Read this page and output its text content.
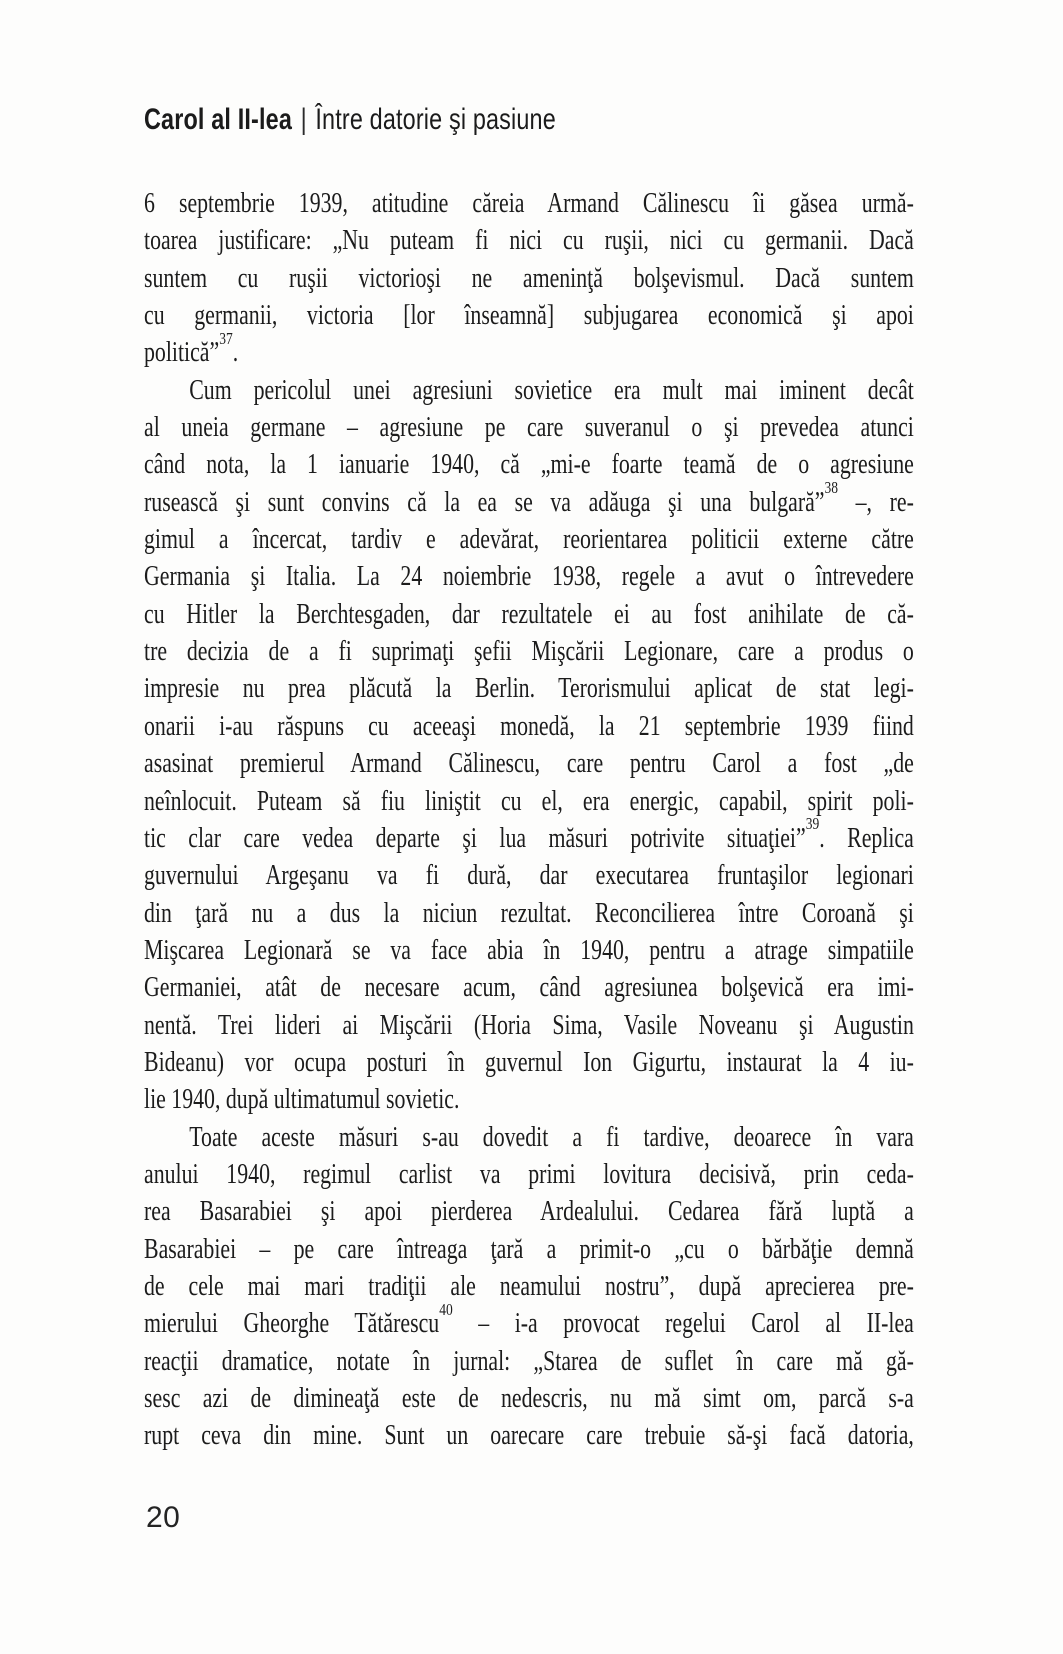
Carol al II-lea | Între datorie şi pasiune
6 septembrie 1939, atitudine căreia Armand Călinescu îi găsea urmă-
toarea justificare: „Nu puteam fi nici cu ruşii, nici cu germanii. Dacă
suntem cu ruşii victorioşi ne ameninţă bolşevismul. Dacă suntem
cu germanii, victoria [lor înseamnă] subjugarea economică şi apoi
politică”$^{37}$.
Cum pericolul unei agresiuni sovietice era mult mai iminent decât
al uneia germane – agresiune pe care suveranul o şi prevedea atunci
când nota, la 1 ianuarie 1940, că „mi-e foarte teamă de o agresiune
rusească şi sunt convins că la ea se va adăuga şi una bulgară”$^{38}$ –, re-
gimul a încercat, tardiv e adevărat, reorientarea politicii externe către
Germania şi Italia. La 24 noiembrie 1938, regele a avut o întrevedere
cu Hitler la Berchtesgaden, dar rezultatele ei au fost anihilate de că-
tre decizia de a fi suprimaţi şefii Mişcării Legionare, care a produs o
impresie nu prea plăcută la Berlin. Terorismului aplicat de stat legi-
onarii i-au răspuns cu aceeaşi monedă, la 21 septembrie 1939 fiind
asasinat premierul Armand Călinescu, care pentru Carol a fost „de
neînlocuit. Puteam să fiu liniştit cu el, era energic, capabil, spirit poli-
tic clar care vedea departe şi lua măsuri potrivite situaţiei”$^{39}$. Replica
guvernului Argeşanu va fi dură, dar executarea fruntaşilor legionari
din ţară nu a dus la niciun rezultat. Reconcilierea între Coroană şi
Mişcarea Legionară se va face abia în 1940, pentru a atrage simpatiile
Germaniei, atât de necesare acum, când agresiunea bolşevică era imi-
nentă. Trei lideri ai Mişcării (Horia Sima, Vasile Noveanu şi Augustin
Bideanu) vor ocupa posturi în guvernul Ion Gigurtu, instaurat la 4 iu-
lie 1940, după ultimatumul sovietic.
Toate aceste măsuri s-au dovedit a fi tardive, deoarece în vara
anului 1940, regimul carlist va primi lovitura decisivă, prin ceda-
rea Basarabiei şi apoi pierderea Ardealului. Cedarea fără luptă a
Basarabiei – pe care întreaga ţară a primit-o „cu o bărbăţie demnă
de cele mai mari tradiţii ale neamului nostru”, după aprecierea pre-
mierului Gheorghe Tătărescu$^{40}$ – i-a provocat regelui Carol al II-lea
reacţii dramatice, notate în jurnal: „Starea de suflet în care mă gă-
sesc azi de dimineaţă este de nedescris, nu mă simt om, parcă s-a
rupt ceva din mine. Sunt un oarecare care trebuie să-şi facă datoria,
20
